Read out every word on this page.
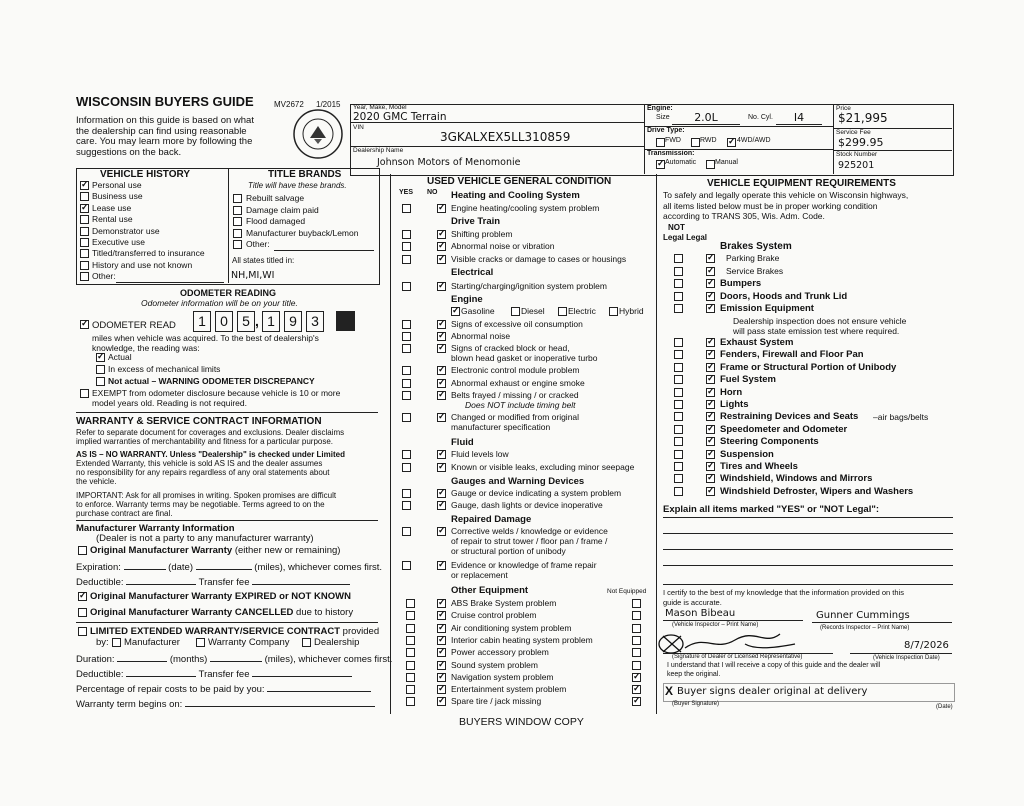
WISCONSIN BUYERS GUIDE	MV2672 1/2015
Information on this guide is based on what
the dealership can find using reasonable
care. You may learn more by following the
suggestions on the back.
Year, Make, Model
2020 GMC Terrain
VIN
3GKALXEX5LL310859
Dealership Name
Johnson Motors of Menomonie
Engine:
Size	2.0L	No. Cyl.	I4
Drive Type:
FWD	RWD
✓	4WD/AWD
Transmission:
✓
Automatic	Manual
Price
$21,995
Service Fee
$299.95
Stock Number
925201
VEHICLE HISTORY
✓
Personal use
Business use
✓
Lease use
Rental use
Demonstrator use
Executive use
Titled/transferred to insurance
History and use not known
Other:
TITLE BRANDS
Title will have these brands.
Rebuilt salvage
Damage claim paid
Flood damaged
Manufacturer buyback/Lemon
Other:
All states titled in:
NH,MI,WI
ODOMETER READING
Odometer information will be on your title.
✓
ODOMETER READ	1	0	5 , 1	9	3
miles when vehicle was acquired. To the best of dealership's
knowledge, the reading was:
✓
Actual
In excess of mechanical limits
Not actual – WARNING ODOMETER DISCREPANCY
EXEMPT from odometer disclosure because vehicle is 10 or more
model years old. Reading is not required.
WARRANTY & SERVICE CONTRACT INFORMATION
Refer to separate document for coverages and exclusions. Dealer disclaims
implied warranties of merchantability and fitness for a particular purpose.
AS IS – NO WARRANTY. Unless "Dealership" is checked under Limited
Extended Warranty, this vehicle is sold AS IS and the dealer assumes
no responsibility for any repairs regardless of any oral statements about
the vehicle.
IMPORTANT: Ask for all promises in writing. Spoken promises are difficult
to enforce. Warranty terms may be negotiable. Terms agreed to on the
purchase contract are final.
Manufacturer Warranty Information
(Dealer is not a party to any manufacturer warranty)
Original Manufacturer Warranty (either new or remaining)
Expiration:	(date)	(miles), whichever comes first.
Deductible:	Transfer fee
✓
Original Manufacturer Warranty EXPIRED or NOT KNOWN
Original Manufacturer Warranty CANCELLED due to history
LIMITED EXTENDED WARRANTY/SERVICE CONTRACT provided
by: Manufacturer	Warranty Company	Dealership
Duration:	(months)	(miles), whichever comes first.
Deductible:	Transfer fee
Percentage of repair costs to be paid by you:
Warranty term begins on:
USED VEHICLE GENERAL CONDITION
YES NO Heating and Cooling System
✓
Engine heating/cooling system problem
Drive Train
✓
Shifting problem
✓
Abnormal noise or vibration
✓
Visible cracks or damage to cases or housings
Electrical
✓
Starting/charging/ignition system problem
Engine
✓
Gasoline	Diesel	Electric	Hybrid
✓
Signs of excessive oil consumption
✓
Abnormal noise
✓
Signs of cracked block or head,
blown head gasket or inoperative turbo
✓
Electronic control module problem
✓
Abnormal exhaust or engine smoke
✓
Belts frayed / missing / or cracked
Does NOT include timing belt
✓
Changed or modified from original
manufacturer specification
Fluid
✓
Fluid levels low
✓
Known or visible leaks, excluding minor seepage
Gauges and Warning Devices
✓
Gauge or device indicating a system problem
✓
Gauge, dash lights or device inoperative
Repaired Damage
✓
Corrective welds / knowledge or evidence
of repair to strut tower / floor pan / frame /
or structural portion of unibody
✓
Evidence or knowledge of frame repair
or replacement
Other Equipment	Not Equipped
✓
ABS Brake System problem
✓
Cruise control problem
✓
Air conditioning system problem
✓
Interior cabin heating system problem
✓
Power accessory problem
✓
Sound system problem
✓
Navigation system problem
✓
✓
Entertainment system problem
✓
✓
Spare tire / jack missing
✓
VEHICLE EQUIPMENT REQUIREMENTS
To safely and legally operate this vehicle on Wisconsin highways,
all items listed below must be in proper working condition
according to TRANS 305, Wis. Adm. Code.
NOT
Legal Legal
Brakes System
✓
Parking Brake
✓
Service Brakes
✓
Bumpers
✓
Doors, Hoods and Trunk Lid
✓
Emission Equipment
Dealership inspection does not ensure vehicle
will pass state emission test where required.
✓
Exhaust System
✓
Fenders, Firewall and Floor Pan
✓
Frame or Structural Portion of Unibody
✓
Fuel System
✓
Horn
✓
Lights
✓
Restraining Devices and Seats –air bags/belts
✓
Speedometer and Odometer
✓
Steering Components
✓
Suspension
✓
Tires and Wheels
✓
Windshield, Windows and Mirrors
✓
Windshield Defroster, Wipers and Washers
Explain all items marked "YES" or "NOT Legal":
I certify to the best of my knowledge that the information provided on this
guide is accurate.
Mason Bibeau
(Vehicle Inspector – Print Name)
Gunner Cummings
(Records Inspector – Print Name)
(Signature of Dealer or Licensed Representative)
8/7/2026
(Vehicle Inspection Date)
I understand that I will receive a copy of this guide and the dealer will
keep the original.
X Buyer signs dealer original at delivery
(Buyer Signature)	(Date)
BUYERS WINDOW COPY
